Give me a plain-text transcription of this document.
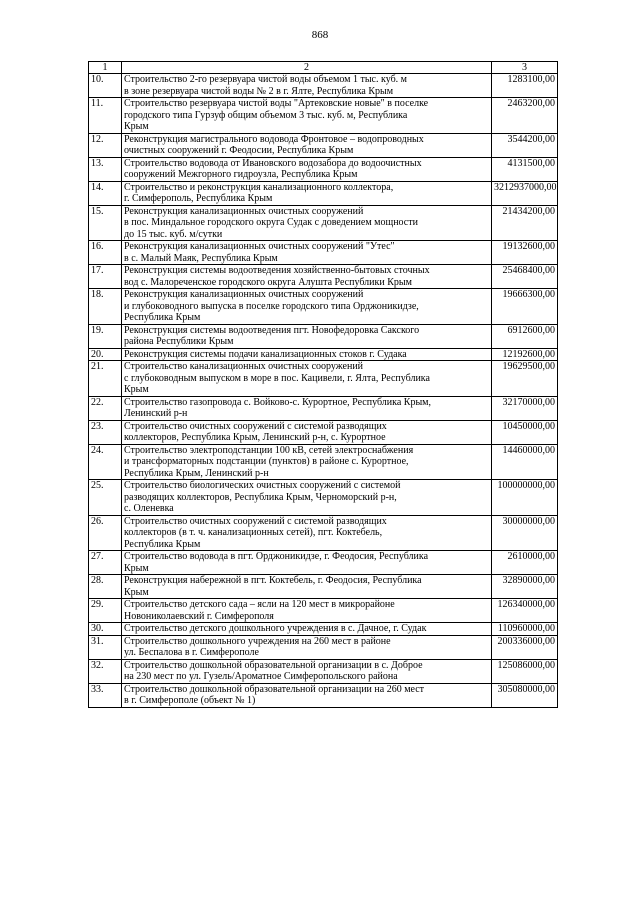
868
1	2	3
10.	Строительство 2-го резервуара чистой воды объемом 1 тыс. куб. м
в зоне резервуара чистой воды № 2 в г. Ялте, Республика Крым	1283100,00
11.	Строительство резервуара чистой воды "Артековские новые" в поселке
городского типа Гурзуф общим объемом 3 тыс. куб. м, Республика
Крым	2463200,00
12.	Реконструкция магистрального водовода Фронтовое – водопроводных
очистных сооружений г. Феодосии, Республика Крым	3544200,00
13.	Строительство водовода от Ивановского водозабора до водоочистных
сооружений Межгорного гидроузла, Республика Крым	4131500,00
14.	Строительство и реконструкция канализационного коллектора,
г. Симферополь, Республика Крым	3212937000,00
15.	Реконструкция канализационных очистных сооружений
в пос. Миндальное городского округа Судак с доведением мощности
до 15 тыс. куб. м/сутки	21434200,00
16.	Реконструкция канализационных очистных сооружений "Утес"
в с. Малый Маяк, Республика Крым	19132600,00
17.	Реконструкция системы водоотведения хозяйственно-бытовых сточных
вод с. Малореченское городского округа Алушта Республики Крым	25468400,00
18.	Реконструкция канализационных очистных сооружений
и глубоководного выпуска в поселке городского типа Орджоникидзе,
Республика Крым	19666300,00
19.	Реконструкция системы водоотведения пгт. Новофедоровка Сакского
района Республики Крым	6912600,00
20.	Реконструкция системы подачи канализационных стоков г. Судака	12192600,00
21.	Строительство канализационных очистных сооружений
с глубоководным выпуском в море в пос. Кацивели, г. Ялта, Республика
Крым	19629500,00
22.	Строительство газопровода с. Войково-с. Курортное, Республика Крым,
Ленинский р-н	32170000,00
23.	Строительство очистных сооружений с системой разводящих
коллекторов, Республика Крым, Ленинский р-н, с. Курортное	10450000,00
24.	Строительство электроподстанции 100 кВ, сетей электроснабжения
и трансформаторных подстанции (пунктов) в районе с. Курортное,
Республика Крым, Ленинский р-н	14460000,00
25.	Строительство биологических очистных сооружений с системой
разводящих коллекторов, Республика Крым, Черноморский р-н,
с. Оленевка	100000000,00
26.	Строительство очистных сооружений с системой разводящих
коллекторов (в т. ч. канализационных сетей), пгт. Коктебель,
Республика Крым	30000000,00
27.	Строительство водовода в пгт. Орджоникидзе, г. Феодосия, Республика
Крым	2610000,00
28.	Реконструкция набережной в пгт. Коктебель, г. Феодосия, Республика
Крым	32890000,00
29.	Строительство детского сада – ясли на 120 мест в микрорайоне
Новониколаевский г. Симферополя	126340000,00
30.	Строительство детского дошкольного учреждения в с. Дачное, г. Судак	110960000,00
31.	Строительство дошкольного учреждения на 260 мест в районе
ул. Беспалова в г. Симферополе	200336000,00
32.	Строительство дошкольной образовательной организации в с. Доброе
на 230 мест по ул. Гузель/Ароматное Симферопольского района	125086000,00
33.	Строительство дошкольной образовательной организации на 260 мест
в г. Симферополе (объект № 1)	305080000,00
